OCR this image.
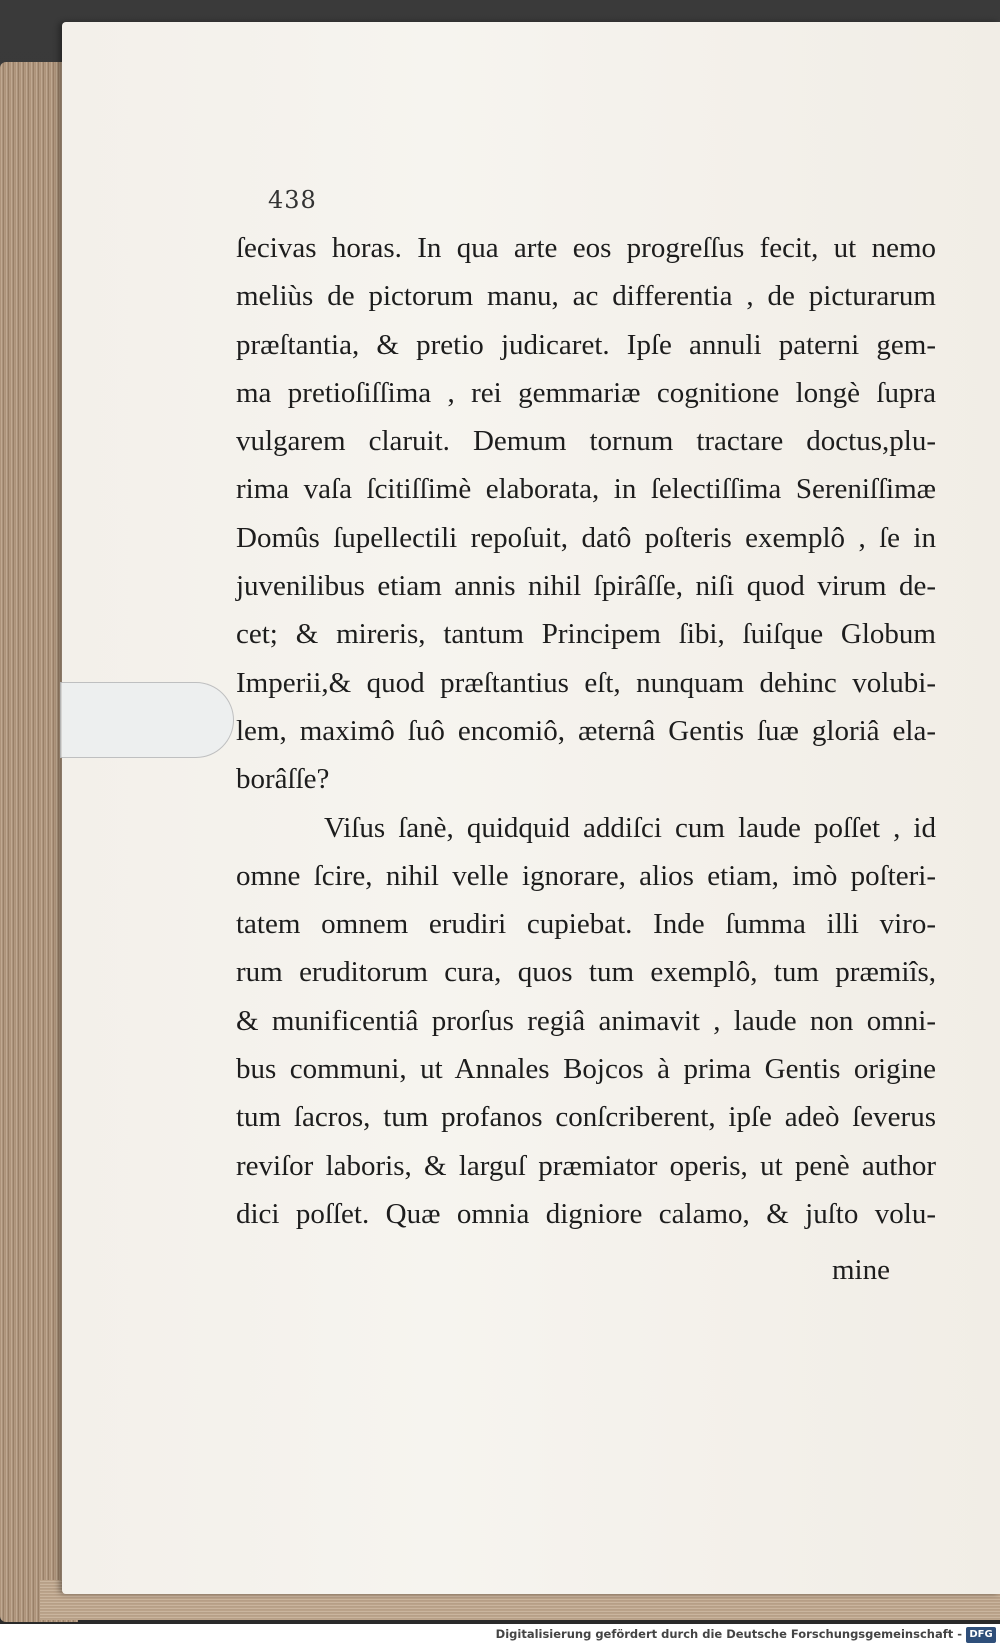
438
ſecivas horas. In qua arte eos progreſſus fecit, ut nemo
meliùs de pictorum manu, ac differentia , de picturarum
præſtantia, & pretio judicaret. Ipſe annuli paterni gem-
ma pretioſiſſima , rei gemmariæ cognitione longè ſupra
vulgarem claruit. Demum tornum tractare doctus,plu-
rima vaſa ſcitiſſimè elaborata, in ſelectiſſima Sereniſſimæ
Domûs ſupellectili repoſuit, datô poſteris exemplô , ſe in
juvenilibus etiam annis nihil ſpirâſſe, niſi quod virum de-
cet; & mireris, tantum Principem ſibi, ſuiſque Globum
Imperii,& quod præſtantius eſt, nunquam dehinc volubi-
lem, maximô ſuô encomiô, æternâ Gentis ſuæ gloriâ ela-
borâſſe?
Viſus ſanè, quidquid addiſci cum laude poſſet , id
omne ſcire, nihil velle ignorare, alios etiam, imò poſteri-
tatem omnem erudiri cupiebat. Inde ſumma illi viro-
rum eruditorum cura, quos tum exemplô, tum præmiîs,
& munificentiâ prorſus regiâ animavit , laude non omni-
bus communi, ut Annales Bojcos à prima Gentis origine
tum ſacros, tum profanos conſcriberent, ipſe adeò ſeverus
reviſor laboris, & larguſ præmiator operis, ut penè author
dici poſſet. Quæ omnia digniore calamo, & juſto volu-
mine
Digitalisierung gefördert durch die Deutsche Forschungsgemeinschaft - DFG
